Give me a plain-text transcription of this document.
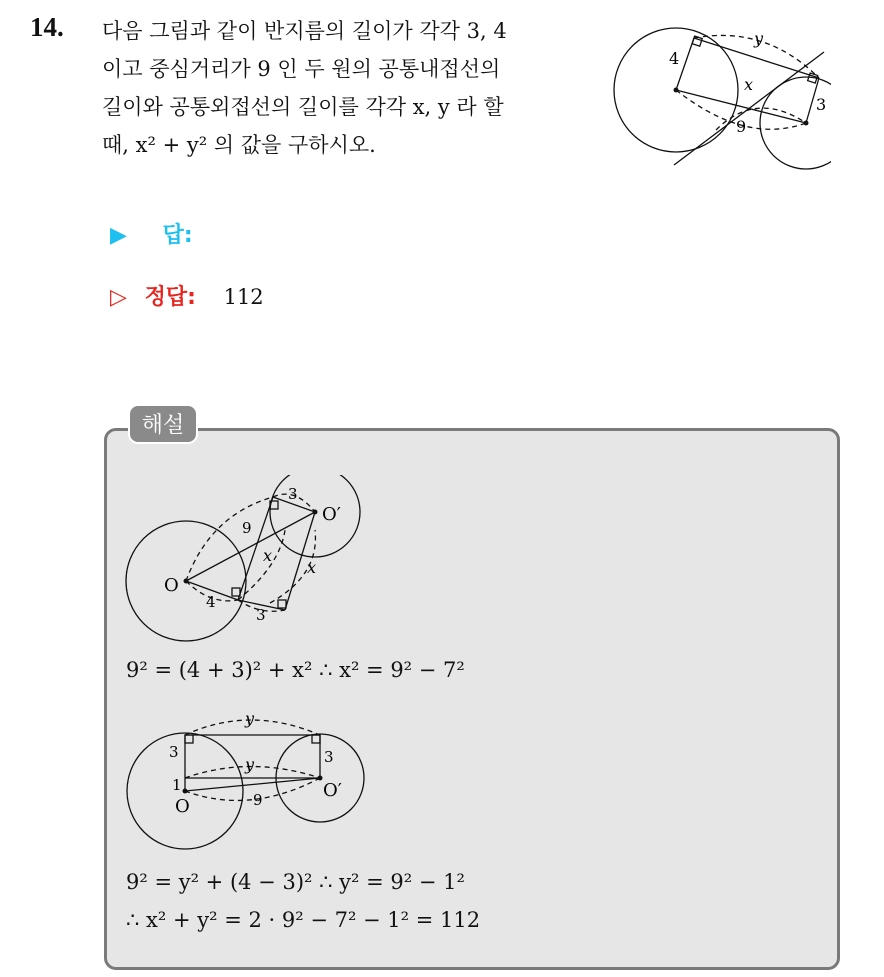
14. 다음 그림과 같이 반지름의 길이가 각각 3, 4
이고 중심거리가 9 인 두 원의 공통내접선의
길이와 공통외접선의 길이를 각각 x, y 라 할
때, x² + y² 의 값을 구하시오.
4
3
9
x
y
▶ 답:
▷ 정답: 112
해설
O
O′
4
3
3
9
x
x
9² = (4 + 3)² + x² ∴ x² = 9² − 7²
O
O′
3	3
1
9
y
y
9² = y² + (4 − 3)² ∴ y² = 9² − 1²
∴ x² + y² = 2 · 9² − 7² − 1² = 112
